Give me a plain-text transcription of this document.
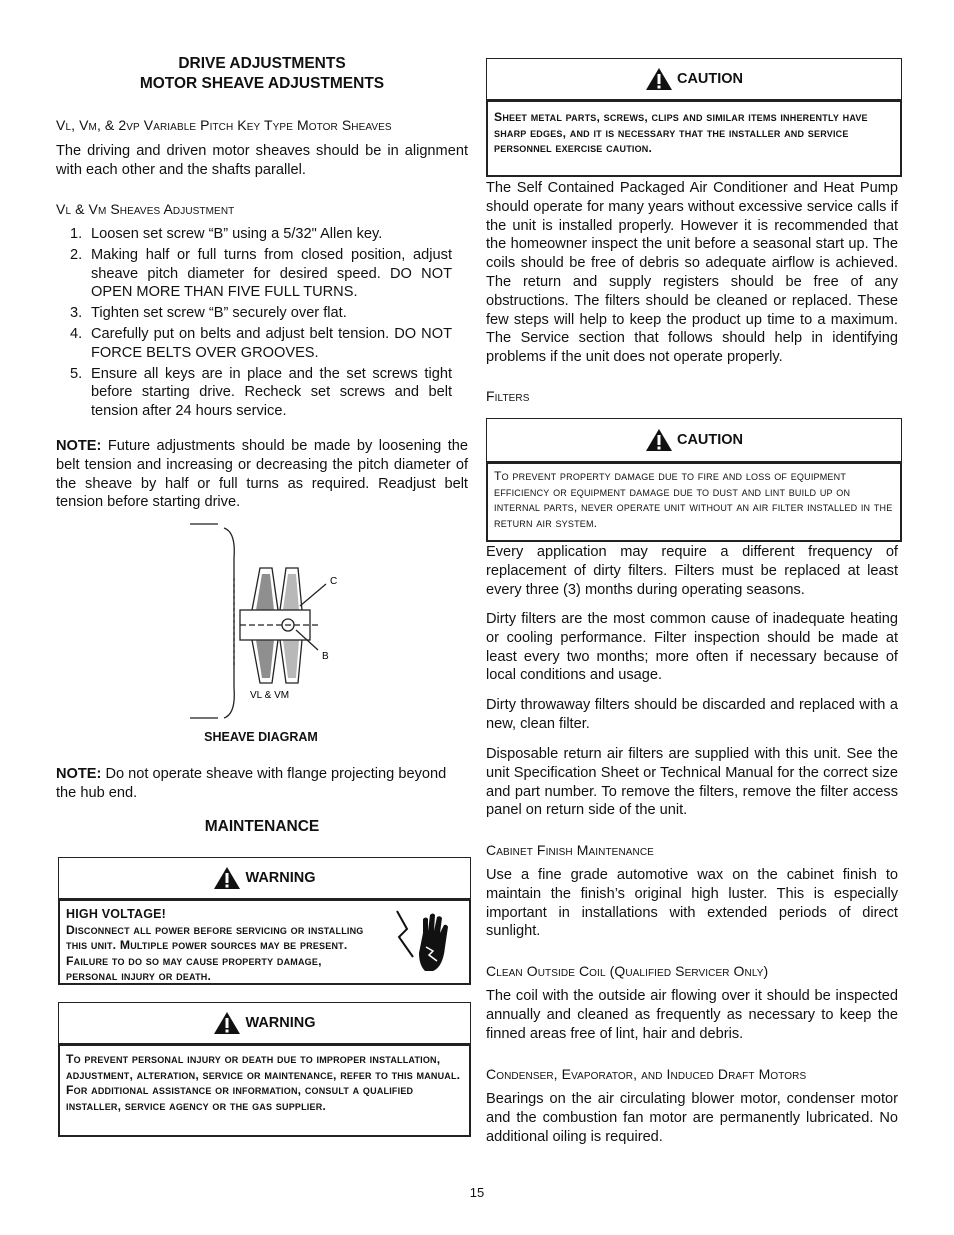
DRIVE ADJUSTMENTS
MOTOR SHEAVE ADJUSTMENTS
Vl, Vm, & 2vp Variable Pitch Key Type Motor Sheaves
The driving and driven motor sheaves should be in alignment with each other and the shafts parallel.
Vl & Vm Sheaves Adjustment
1. Loosen set screw “B” using a 5/32" Allen key.
2. Making half or full turns from closed position, adjust sheave pitch diameter for desired speed. DO NOT OPEN MORE THAN FIVE FULL TURNS.
3. Tighten set screw “B” securely over flat.
4. Carefully put on belts and adjust belt tension. DO NOT FORCE BELTS OVER GROOVES.
5. Ensure all keys are in place and the set screws tight before starting drive. Recheck set screws and belt tension after 24 hours service.
NOTE: Future adjustments should be made by loosening the belt tension and increasing or decreasing the pitch diameter of the sheave by half or full turns as required. Readjust belt tension before starting drive.
C
B
VL & VM
SHEAVE DIAGRAM
NOTE: Do not operate sheave with flange projecting beyond the hub end.
MAINTENANCE
WARNING
HIGH VOLTAGE!
Disconnect all power before servicing or installing this unit. Multiple power sources may be present. Failure to do so may cause property damage, personal injury or death.
WARNING
To prevent personal injury or death due to improper installation, adjustment, alteration, service or maintenance, refer to this manual. For additional assistance or information, consult a qualified installer, service agency or the gas supplier.
CAUTION
Sheet metal parts, screws, clips and similar items inherently have sharp edges, and it is necessary that the installer and service personnel exercise caution.
The Self Contained Packaged Air Conditioner and Heat Pump should operate for many years without excessive service calls if the unit is installed properly. However it is recommended that the homeowner inspect the unit before a seasonal start up. The coils should be free of debris so adequate airflow is achieved. The return and supply registers should be free of any obstructions. The filters should be cleaned or replaced. These few steps will help to keep the product up time to a maximum. The Service section that follows should help in identifying problems if the unit does not operate properly.
Filters
CAUTION
To prevent property damage due to fire and loss of equipment efficiency or equipment damage due to dust and lint build up on internal parts, never operate unit without an air filter installed in the return air system.
Every application may require a different frequency of replacement of dirty filters. Filters must be replaced at least every three (3) months during operating seasons.
Dirty filters are the most common cause of inadequate heating or cooling performance. Filter inspection should be made at least every two months; more often if necessary because of local conditions and usage.
Dirty throwaway filters should be discarded and replaced with a new, clean filter.
Disposable return air filters are supplied with this unit. See the unit Specification Sheet or Technical Manual for the correct size and part number. To remove the filters, remove the filter access panel on return side of the unit.
Cabinet Finish Maintenance
Use a fine grade automotive wax on the cabinet finish to maintain the finish’s original high luster. This is especially important in installations with extended periods of direct sunlight.
Clean Outside Coil (Qualified Servicer Only)
The coil with the outside air flowing over it should be inspected annually and cleaned as frequently as necessary to keep the finned areas free of lint, hair and debris.
Condenser, Evaporator, and Induced Draft Motors
Bearings on the air circulating blower motor, condenser motor and the combustion fan motor are permanently lubricated. No additional oiling is required.
15
